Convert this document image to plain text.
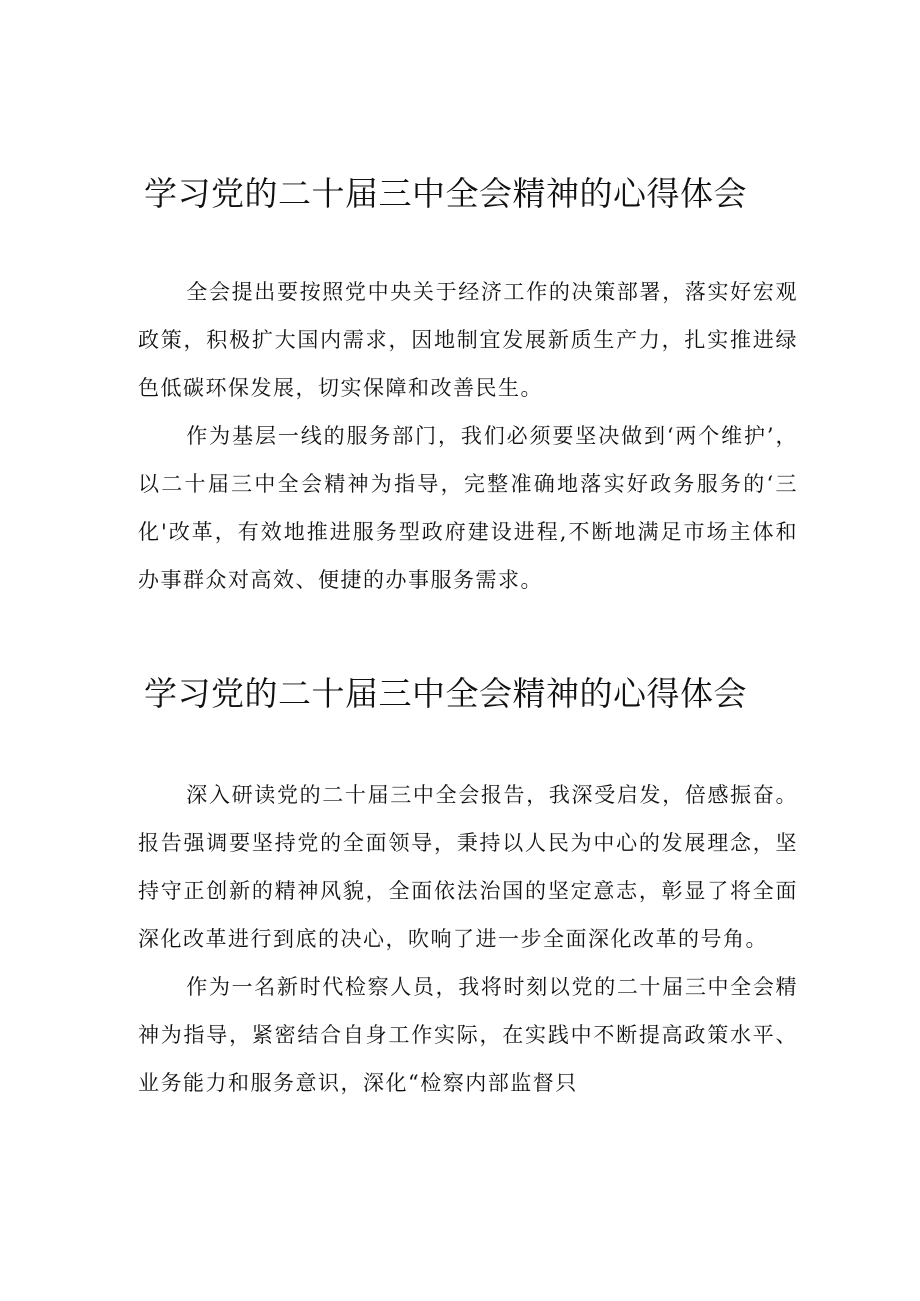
学习党的二十届三中全会精神的心得体会

全会提出要按照党中央关于经济工作的决策部署，落实好宏观政策，积极扩大国内需求，因地制宜发展新质生产力，扎实推进绿色低碳环保发展，切实保障和改善民生。

作为基层一线的服务部门，我们必须要坚决做到‘两个维护’，以二十届三中全会精神为指导，完整准确地落实好政务服务的‘三化'改革，有效地推进服务型政府建设进程,不断地满足市场主体和办事群众对高效、便捷的办事服务需求。

学习党的二十届三中全会精神的心得体会

深入研读党的二十届三中全会报告，我深受启发，倍感振奋。报告强调要坚持党的全面领导，秉持以人民为中心的发展理念，坚持守正创新的精神风貌，全面依法治国的坚定意志，彰显了将全面深化改革进行到底的决心，吹响了进一步全面深化改革的号角。

作为一名新时代检察人员，我将时刻以党的二十届三中全会精神为指导，紧密结合自身工作实际，在实践中不断提高政策水平、业务能力和服务意识，深化“检察内部监督只
